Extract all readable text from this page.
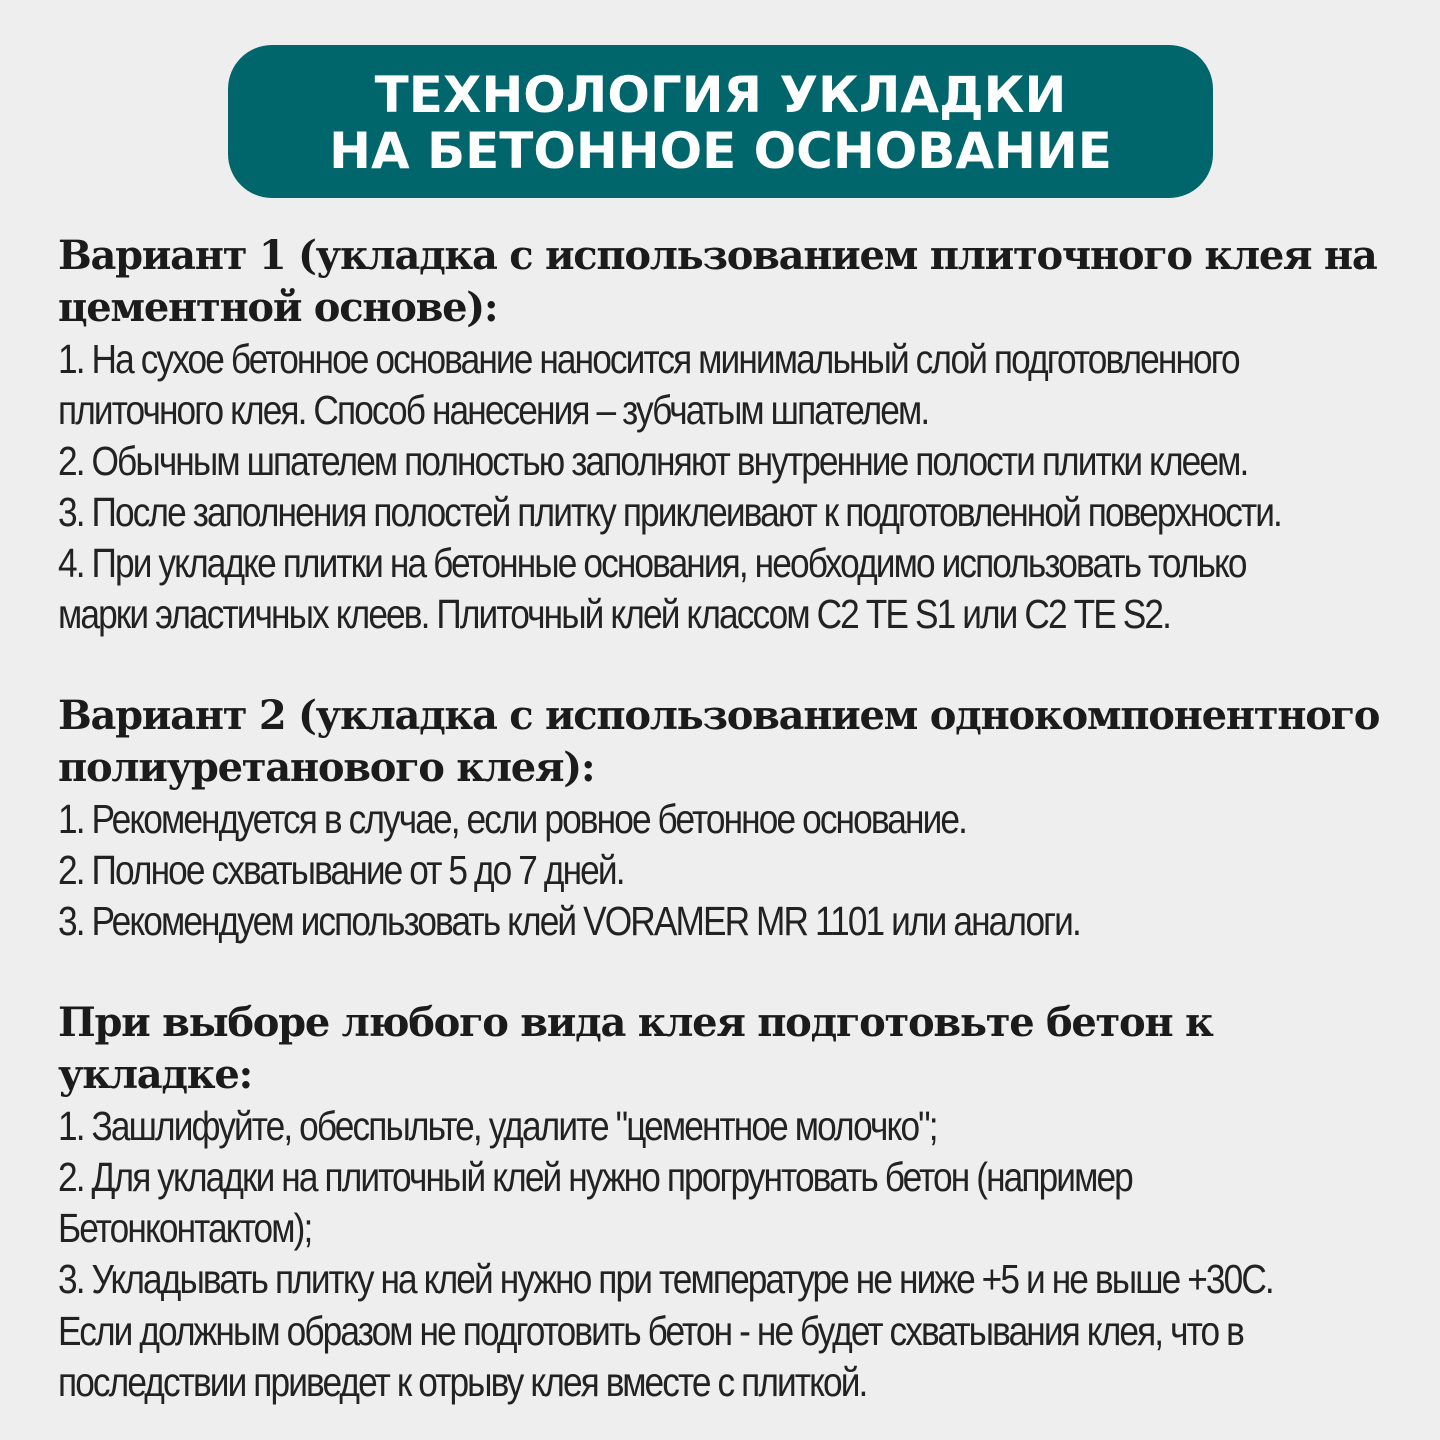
ТЕХНОЛОГИЯ УКЛАДКИ
НА БЕТОННОЕ ОСНОВАНИЕ

Вариант 1 (укладка с использованием плиточного клея на
цементной основе):

1. На сухое бетонное основание наносится минимальный слой подготовленного
плиточного клея. Способ нанесения – зубчатым шпателем.

2. Обычным шпателем полностью заполняют внутренние полости плитки клеем.

3. После заполнения полостей плитку приклеивают к подготовленной поверхности.

4. При укладке плитки на бетонные основания, необходимо использовать только
марки эластичных клеев. Плиточный клей классом С2 ТЕ S1 или С2 ТЕ S2.

Вариант 2 (укладка с использованием однокомпонентного
полиуретанового клея):

1. Рекомендуется в случае, если ровное бетонное основание.

2. Полное схватывание от 5 до 7 дней.

3. Рекомендуем использовать клей VORAMER MR 1101 или аналоги.

При выборе любого вида клея подготовьте бетон к укладке:

1. Зашлифуйте, обеспыльте, удалите "цементное молочко";

2. Для укладки на плиточный клей нужно прогрунтовать бетон (например
Бетонконтактом);

3. Укладывать плитку на клей нужно при температуре не ниже +5 и не выше +30С.

Если должным образом не подготовить бетон - не будет схватывания клея, что в
последствии приведет к отрыву клея вместе с плиткой.
